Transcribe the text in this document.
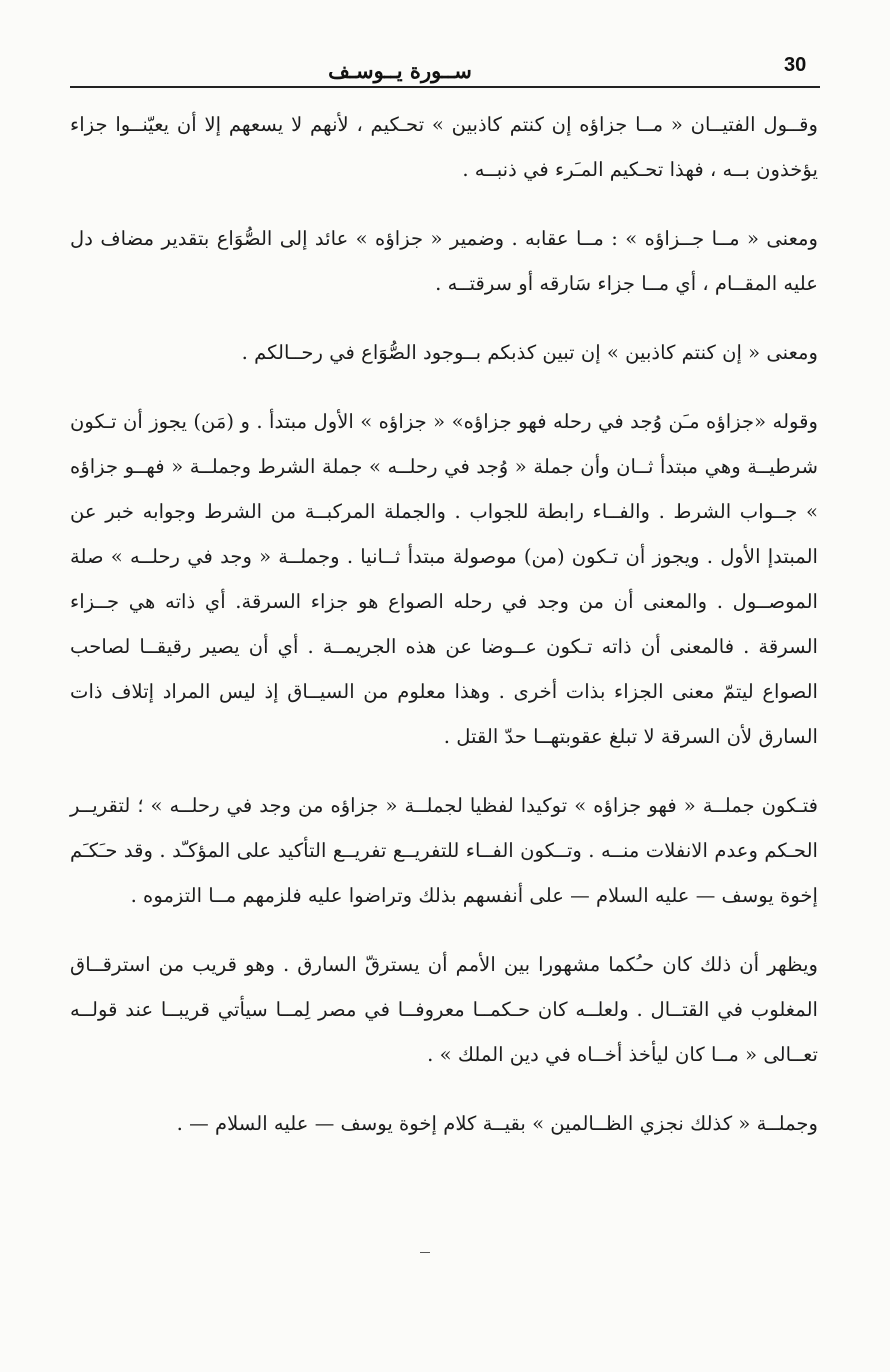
30
ســورة يــوسـف

وقــول الفتيــان « مــا جزاؤه إن كنتم كاذبين » تحـكيم ، لأنهم لا يسعهم إلا أن يعيّنــوا جزاء يؤخذون بــه ، فهذا تحـكيم المـَرء في ذنبــه .

ومعنى « مــا جــزاؤه » : مــا عقابه . وضمير « جزاؤه » عائد إلى الصُّوَاع بتقدير مضاف دل عليه المقــام ، أي مــا جزاء سَارقه أو سرقتــه .

ومعنى « إن كنتم كاذبين » إن تبين كذبكم بــوجود الصُّوَاع في رحــالكم .

وقوله «جزاؤه مـَن وُجد في رحله فهو جزاؤه» « جزاؤه » الأول مبتدأ . و (مَن) يجوز أن تـكون شرطيــة وهي مبتدأ ثــان وأن جملة « وُجد في رحلــه » جملة الشرط وجملــة « فهــو جزاؤه » جــواب الشرط . والفــاء رابطة للجواب . والجملة المركبــة من الشرط وجوابه خبر عن المبتدإ الأول . ويجوز أن تـكون (من) موصولة مبتدأ ثــانيا . وجملــة « وجد في رحلــه » صلة الموصــول . والمعنى أن من وجد في رحله الصواع هو جزاء السرقة. أي ذاته هي جــزاء السرقة . فالمعنى أن ذاته تـكون عــوضا عن هذه الجريمــة . أي أن يصير رقيقــا لصاحب الصواع ليتمّ معنى الجزاء بذات أخرى . وهذا معلوم من السيــاق إذ ليس المراد إتلاف ذات السارق لأن السرقة لا تبلغ عقوبتهــا حدّ القتل .

فتـكون جملــة « فهو جزاؤه » توكيدا لفظيا لجملــة « جزاؤه من وجد في رحلــه » ؛ لتقريــر الحـكم وعدم الانفلات منــه . وتــكون الفــاء للتفريــع تفريــع التأكيد على المؤكـّد . وقد حـَكـَم إخوة يوسف — عليه السلام — على أنفسهم بذلك وتراضوا عليه فلزمهم مــا التزموه .

ويظهر أن ذلك كان حـُكما مشهورا بين الأمم أن يسترقّ السارق . وهو قريب من استرقــاق المغلوب في القتــال . ولعلــه كان حـكمــا معروفــا في مصر لِمــا سيأتي قريبــا عند قولــه تعــالى « مــا كان ليأخذ أخــاه في دين الملك » .

وجملــة « كذلك نجزي الظــالمين » بقيــة كلام إخوة يوسف — عليه السلام — .
